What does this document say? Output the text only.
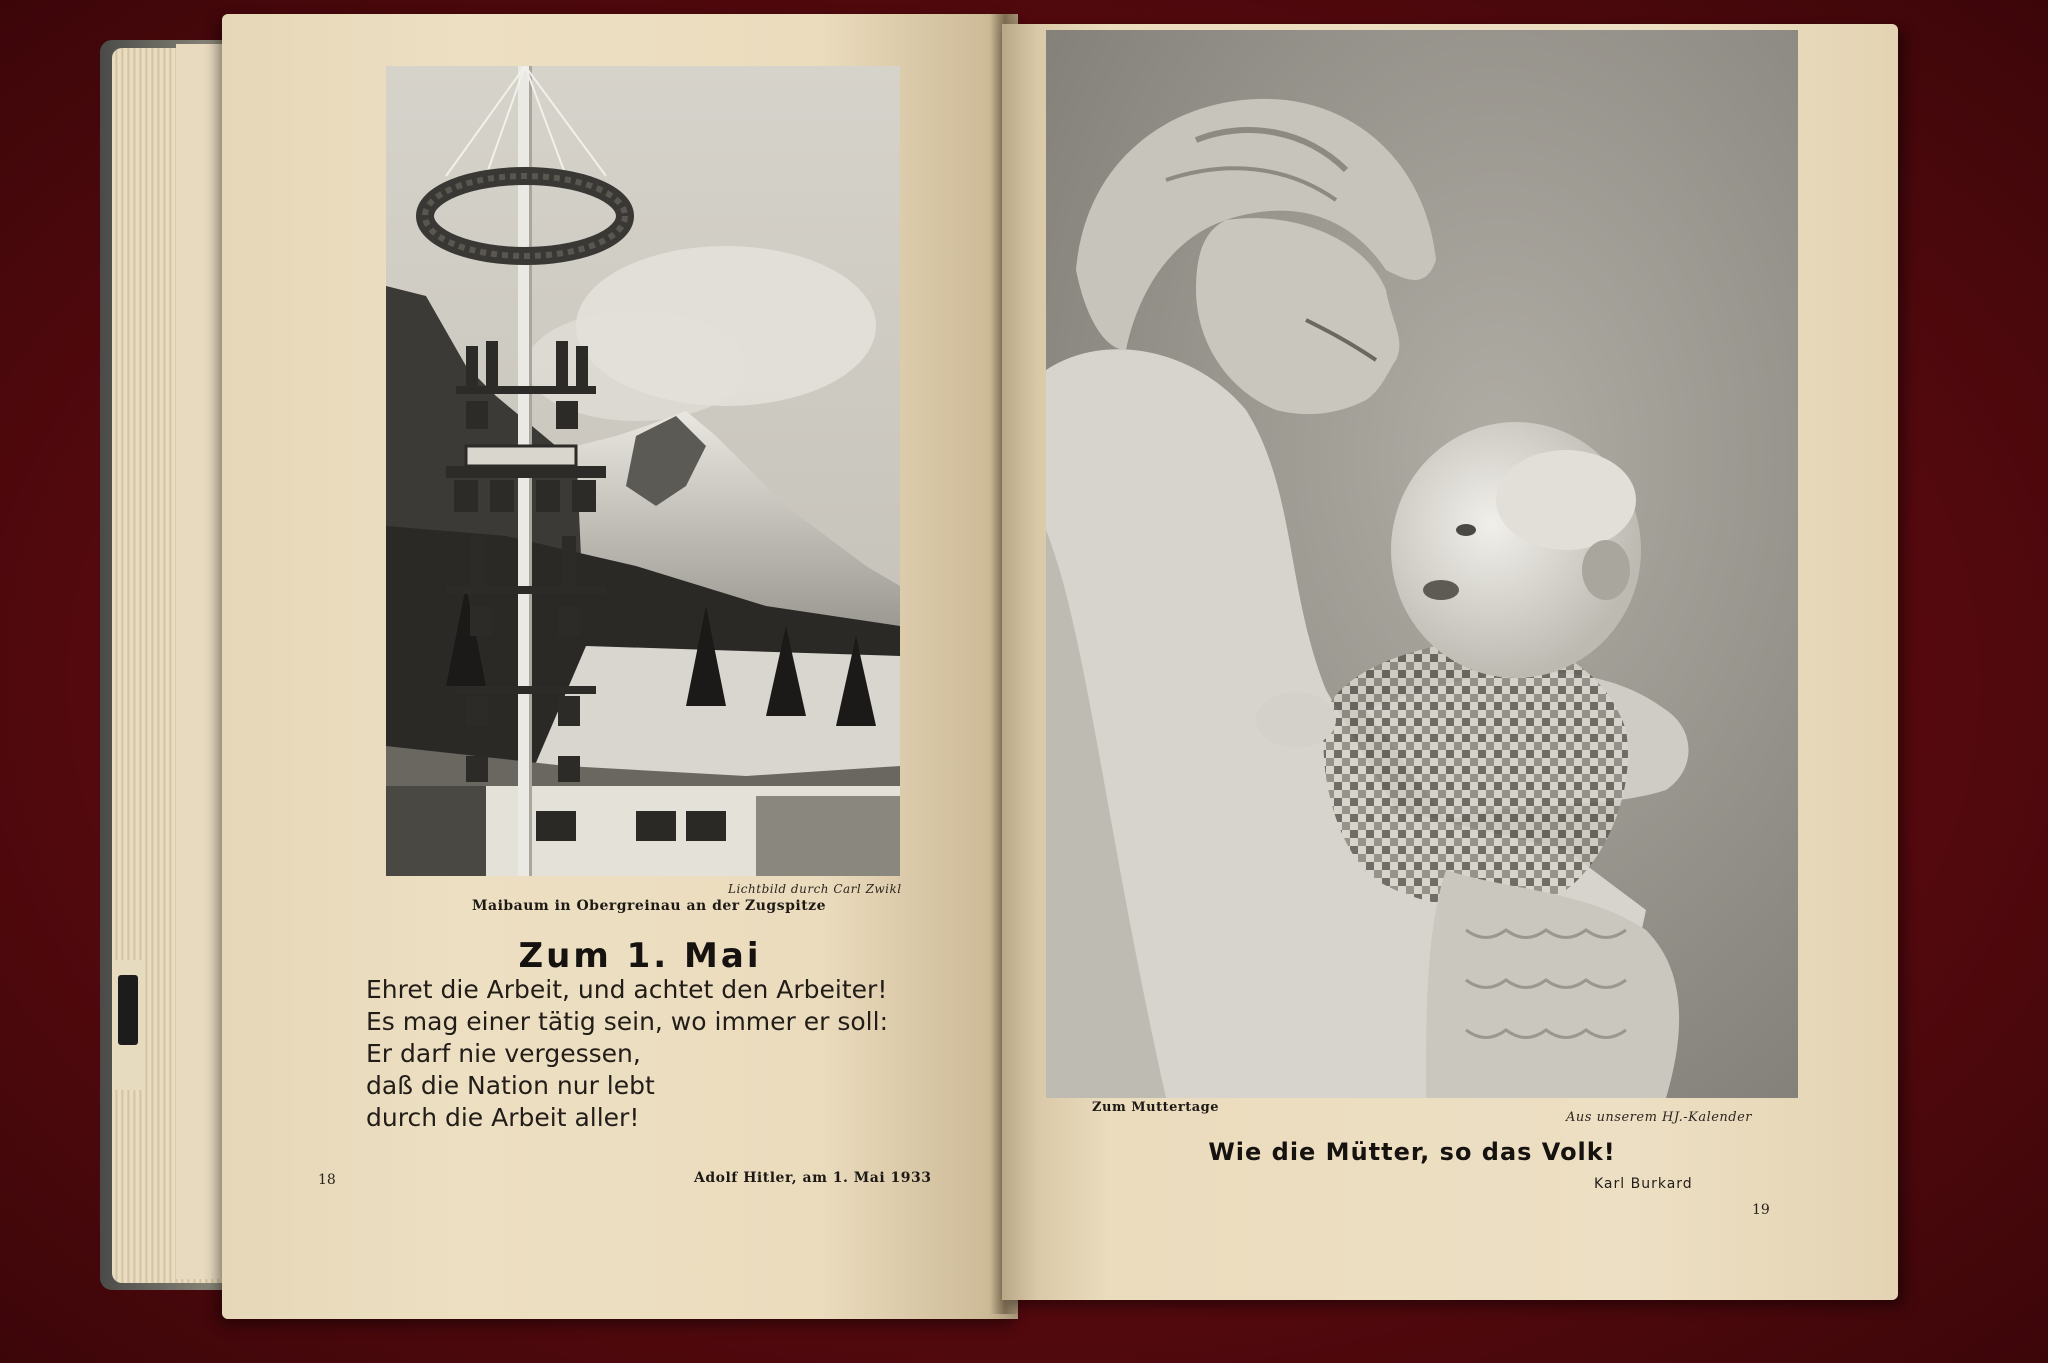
Lichtbild durch Carl Zwikl
Maibaum in Obergreinau an der Zugspitze
Zum 1. Mai
Ehret die Arbeit, und achtet den Arbeiter!
Es mag einer tätig sein, wo immer er soll:
Er darf nie vergessen,
daß die Nation nur lebt
durch die Arbeit aller!
18	Adolf Hitler, am 1. Mai 1933
Zum Muttertage
Aus unserem HJ.-Kalender
Wie die Mütter, so das Volk!
Karl Burkard
19
